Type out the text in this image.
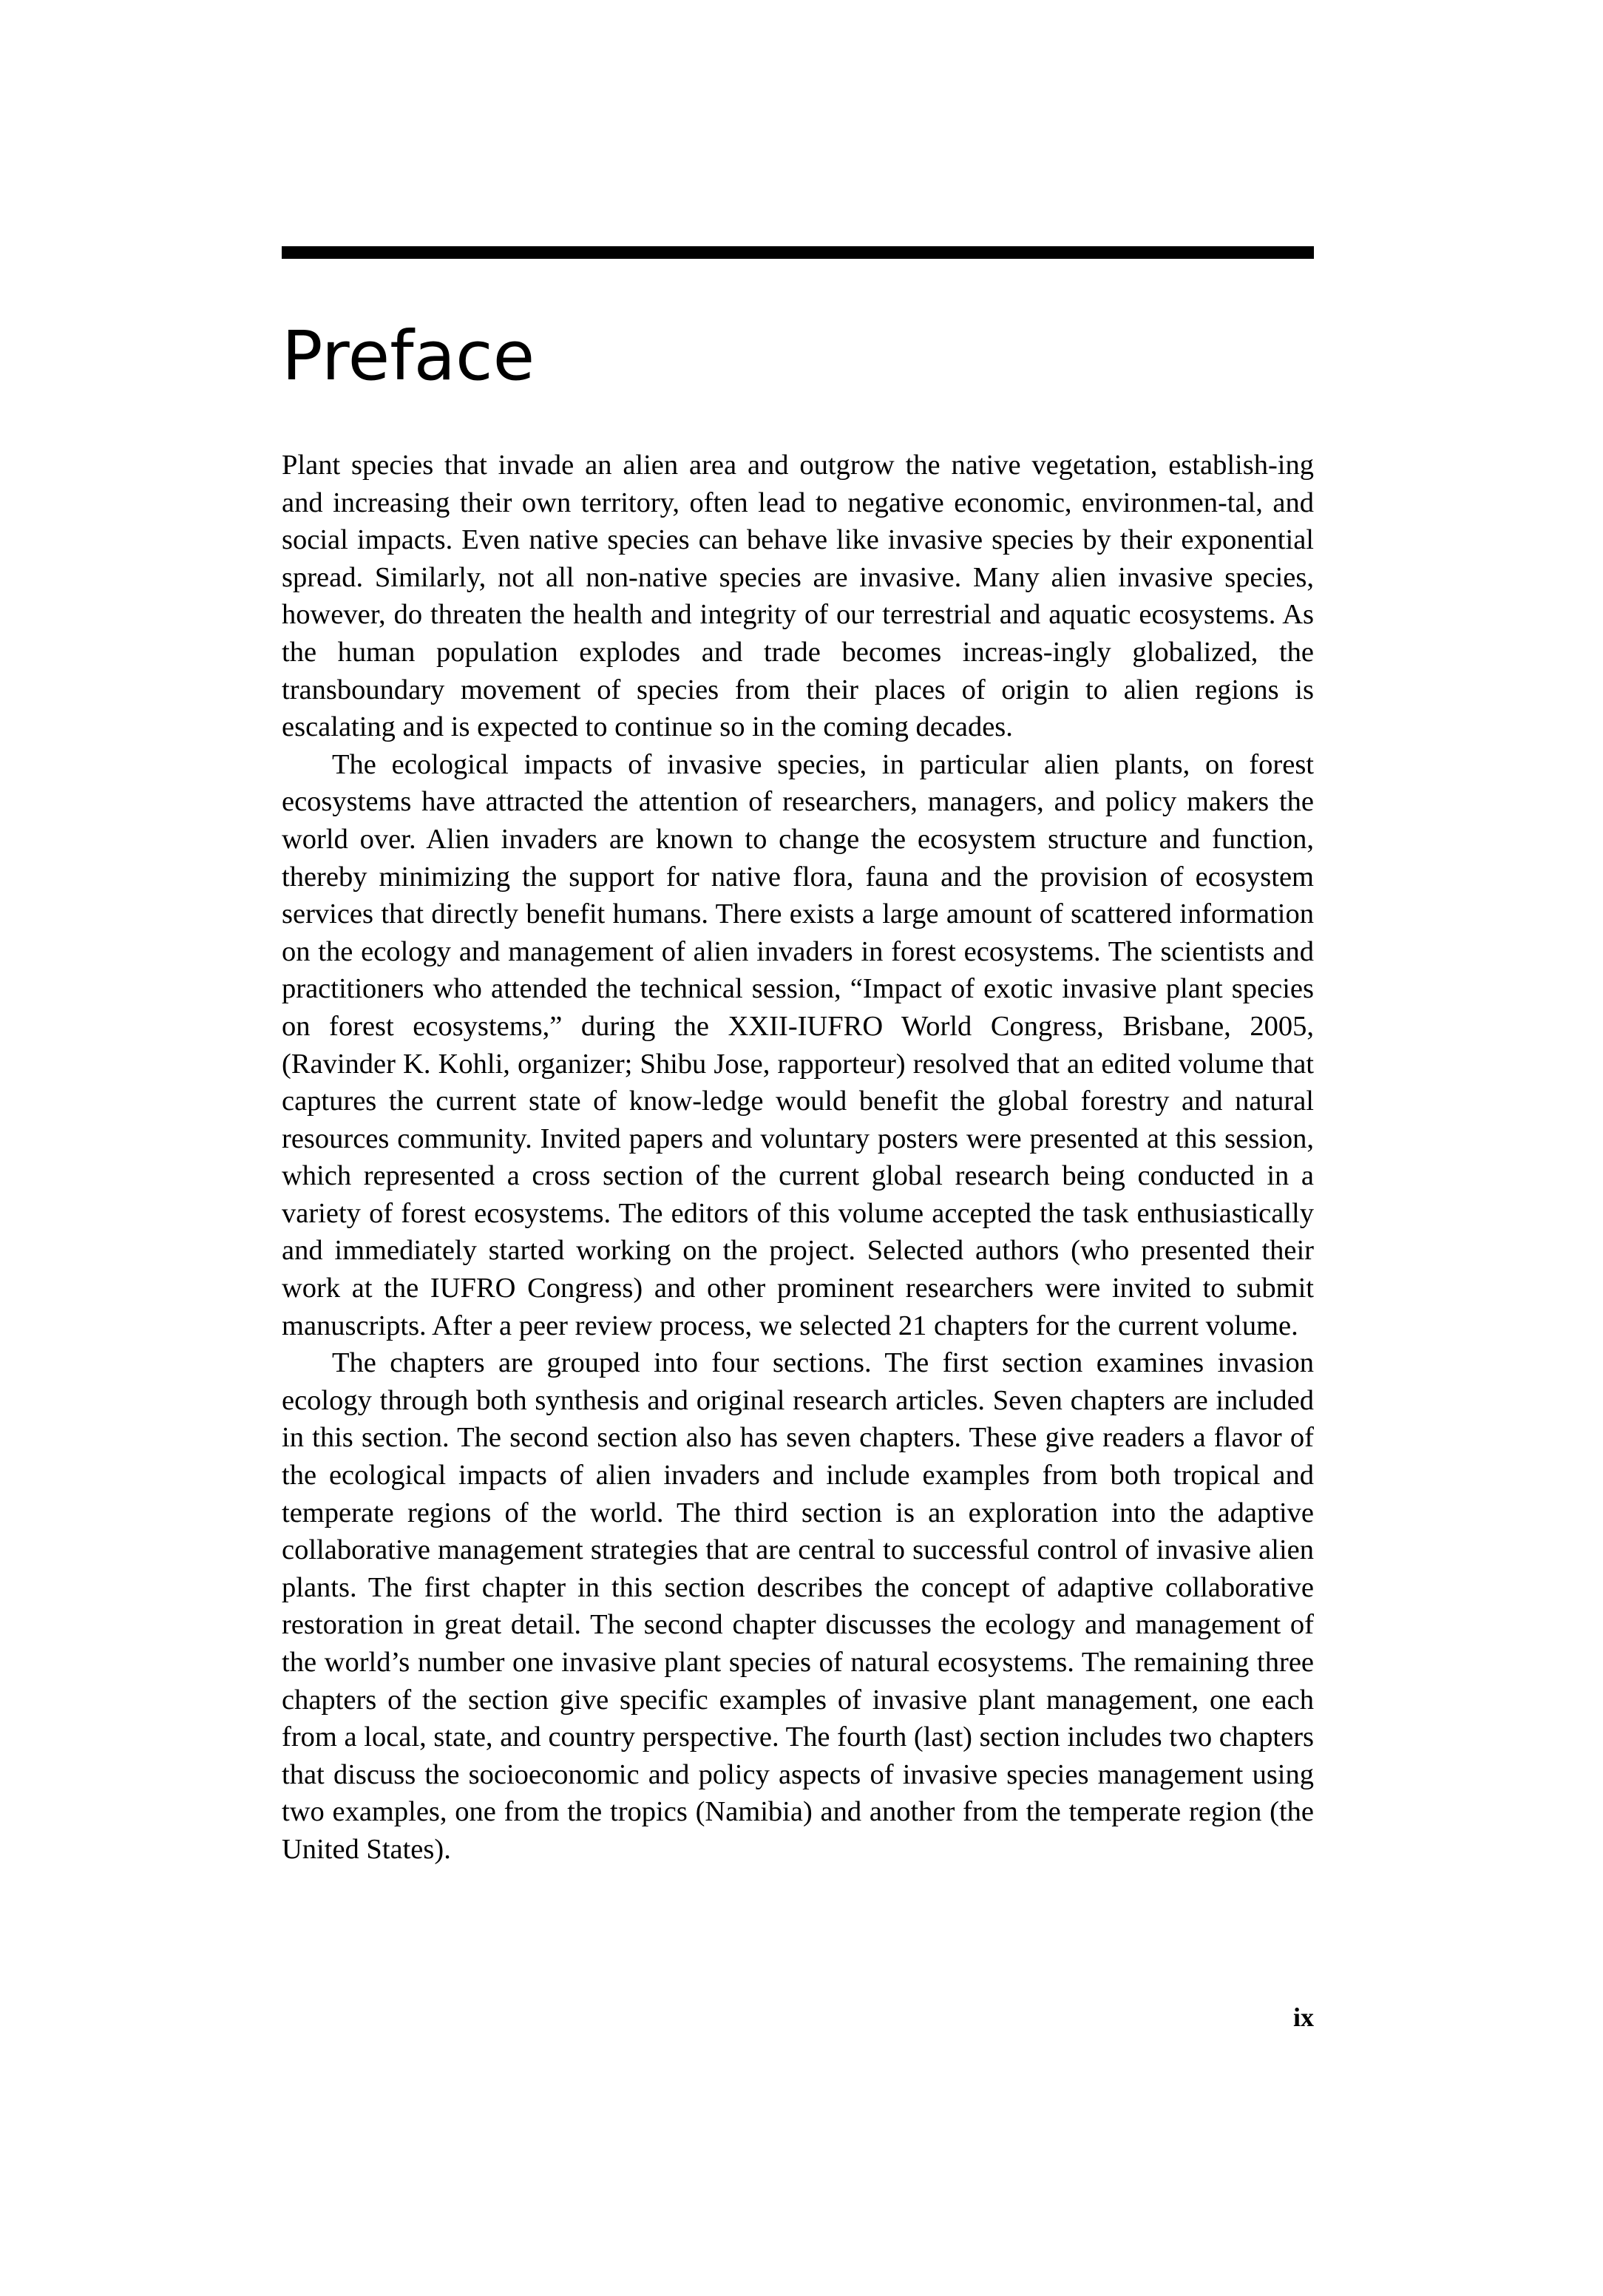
Preface

Plant species that invade an alien area and outgrow the native vegetation, establish-ing and increasing their own territory, often lead to negative economic, environmen-tal, and social impacts. Even native species can behave like invasive species by their exponential spread. Similarly, not all non-native species are invasive. Many alien invasive species, however, do threaten the health and integrity of our terrestrial and aquatic ecosystems. As the human population explodes and trade becomes increas-ingly globalized, the transboundary movement of species from their places of origin to alien regions is escalating and is expected to continue so in the coming decades.

The ecological impacts of invasive species, in particular alien plants, on forest ecosystems have attracted the attention of researchers, managers, and policy makers the world over. Alien invaders are known to change the ecosystem structure and function, thereby minimizing the support for native flora, fauna and the provision of ecosystem services that directly benefit humans. There exists a large amount of scattered information on the ecology and management of alien invaders in forest ecosystems. The scientists and practitioners who attended the technical session, “Impact of exotic invasive plant species on forest ecosystems,” during the XXII-IUFRO World Congress, Brisbane, 2005, (Ravinder K. Kohli, organizer; Shibu Jose, rapporteur) resolved that an edited volume that captures the current state of know-ledge would benefit the global forestry and natural resources community. Invited papers and voluntary posters were presented at this session, which represented a cross section of the current global research being conducted in a variety of forest ecosystems. The editors of this volume accepted the task enthusiastically and immediately started working on the project. Selected authors (who presented their work at the IUFRO Congress) and other prominent researchers were invited to submit manuscripts. After a peer review process, we selected 21 chapters for the current volume.

The chapters are grouped into four sections. The first section examines invasion ecology through both synthesis and original research articles. Seven chapters are included in this section. The second section also has seven chapters. These give readers a flavor of the ecological impacts of alien invaders and include examples from both tropical and temperate regions of the world. The third section is an exploration into the adaptive collaborative management strategies that are central to successful control of invasive alien plants. The first chapter in this section describes the concept of adaptive collaborative restoration in great detail. The second chapter discusses the ecology and management of the world’s number one invasive plant species of natural ecosystems. The remaining three chapters of the section give specific examples of invasive plant management, one each from a local, state, and country perspective. The fourth (last) section includes two chapters that discuss the socioeconomic and policy aspects of invasive species management using two examples, one from the tropics (Namibia) and another from the temperate region (the United States).

ix
